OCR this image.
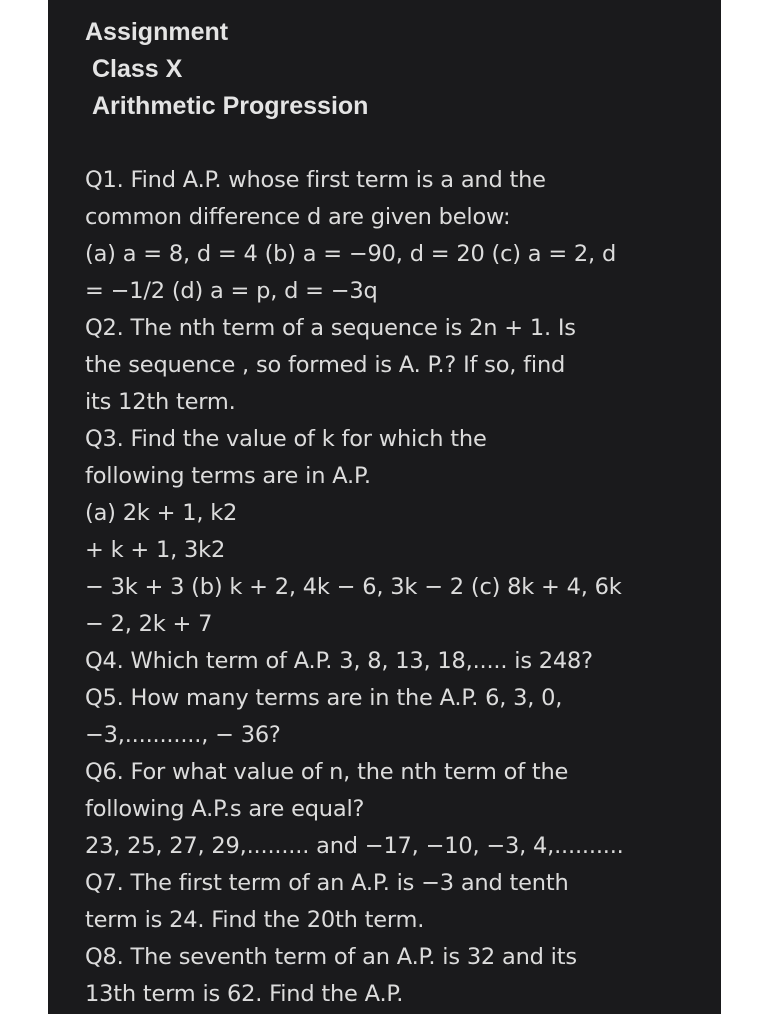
Assignment
Class X
Arithmetic Progression
Q1. Find A.P. whose first term is a and the
common difference d are given below:
(a) a = 8, d = 4 (b) a = −90, d = 20 (c) a = 2, d
= −1/2 (d) a = p, d = −3q
Q2. The nth term of a sequence is 2n + 1. Is
the sequence , so formed is A. P.? If so, find
its 12th term.
Q3. Find the value of k for which the
following terms are in A.P.
(a) 2k + 1, k2
+ k + 1, 3k2
− 3k + 3 (b) k + 2, 4k − 6, 3k − 2 (c) 8k + 4, 6k
− 2, 2k + 7
Q4. Which term of A.P. 3, 8, 13, 18,..... is 248?
Q5. How many terms are in the A.P. 6, 3, 0,
−3,..........., − 36?
Q6. For what value of n, the nth term of the
following A.P.s are equal?
23, 25, 27, 29,......... and −17, −10, −3, 4,..........
Q7. The first term of an A.P. is −3 and tenth
term is 24. Find the 20th term.
Q8. The seventh term of an A.P. is 32 and its
13th term is 62. Find the A.P.
